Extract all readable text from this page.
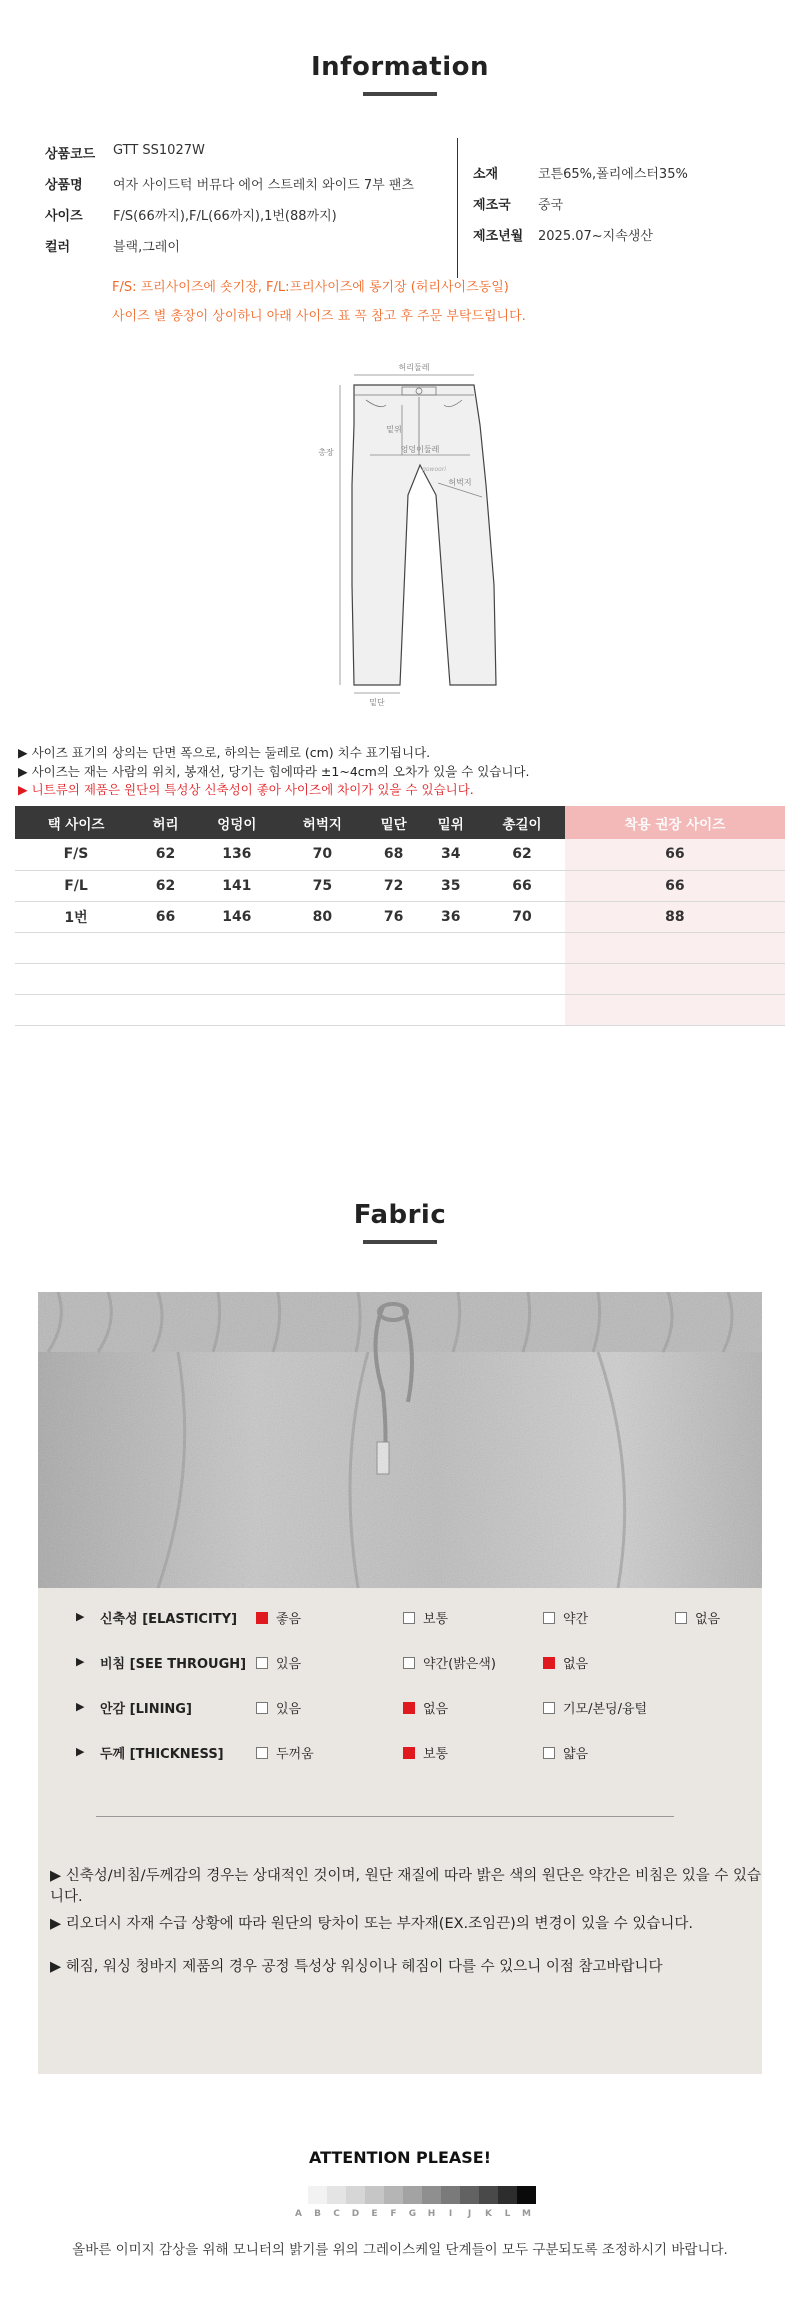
Information
상품코드	GTT SS1027W
상품명	여자 사이드턱 버뮤다 에어 스트레치 와이드 7부 팬츠
사이즈	F/S(66까지),F/L(66까지),1번(88까지)
컬러	블랙,그레이
소재	코튼65%,폴리에스터35%
제조국	중국
제조년월	2025.07~지속생산
F/S: 프리사이즈에 숏기장, F/L:프리사이즈에 롱기장 (허리사이즈동일)
사이즈 별 총장이 상이하니 아래 사이즈 표 꼭 참고 후 주문 부탁드립니다.
허리둘레
밑위
엉덩이둘레
허벅지
총장
밑단
gowoori
▶ 사이즈 표기의 상의는 단면 폭으로, 하의는 둘레로 (cm) 치수 표기됩니다.
▶ 사이즈는 재는 사람의 위치, 봉재선, 당기는 힘에따라 ±1~4cm의 오차가 있을 수 있습니다.
▶ 니트류의 제품은 원단의 특성상 신축성이 좋아 사이즈에 차이가 있을 수 있습니다.
택 사이즈	허리	엉덩이	허벅지	밑단	밑위	총길이	착용 권장 사이즈
F/S	62	136	70	68	34	62	66
F/L	62	141	75	72	35	66	66
1번	66	146	80	76	36	70	88

Fabric
▶ 신축성 [ELASTICITY]	좋음	보통	약간	없음
▶ 비침 [SEE THROUGH] 있음	약간(밝은색)	없음
▶ 안감 [LINING]	있음	없음	기모/본딩/융털
▶ 두께 [THICKNESS]	두꺼움	보통	얇음
▶ 신축성/비침/두께감의 경우는 상대적인 것이며, 원단 재질에 따라 밝은 색의 원단은 약간은 비침은 있을 수 있습니다.
▶ 리오더시 자재 수급 상황에 따라 원단의 탕차이 또는 부자재(EX.조임끈)의 변경이 있을 수 있습니다.
▶ 헤짐, 워싱 청바지 제품의 경우 공정 특성상 워싱이나 헤짐이 다를 수 있으니 이점 참고바랍니다
ATTENTION PLEASE!
A	B	C	D	E	F	G	H	I	J	K	L	M
올바른 이미지 감상을 위해 모니터의 밝기를 위의 그레이스케일 단계들이 모두 구분되도록 조정하시기 바랍니다.
